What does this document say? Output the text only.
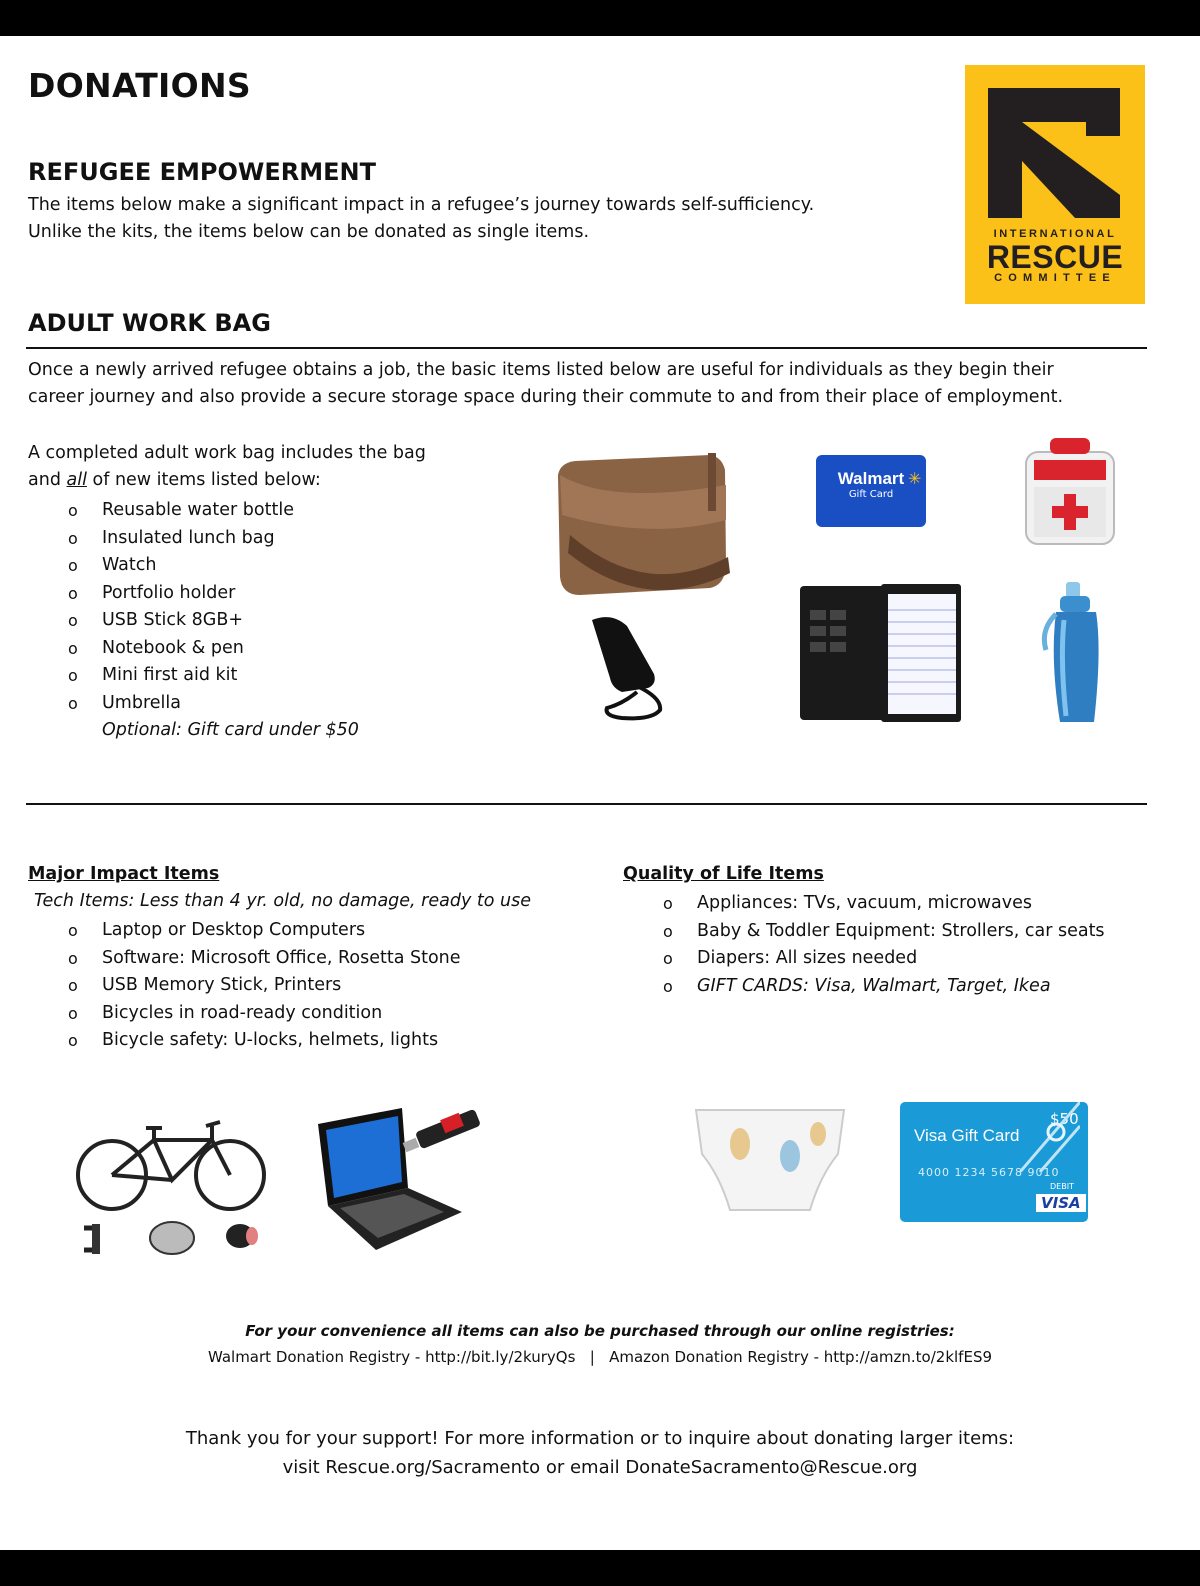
DONATIONS
INTERNATIONAL
RESCUE
COMMITTEE
REFUGEE EMPOWERMENT
The items below make a significant impact in a refugee’s journey towards self-sufficiency.
Unlike the kits, the items below can be donated as single items.
ADULT WORK BAG
Once a newly arrived refugee obtains a job, the basic items listed below are useful for individuals as they begin their
career journey and also provide a secure storage space during their commute to and from their place of employment.
A completed adult work bag includes the bag
and all of new items listed below:
o Reusable water bottle
o Insulated lunch bag
o Watch
o Portfolio holder
o USB Stick 8GB+
o Notebook & pen
o Mini first aid kit
o Umbrella
Optional: Gift card under $50
Walmart
Gift Card
✳
Major Impact Items
Tech Items: Less than 4 yr. old, no damage, ready to use
o Laptop or Desktop Computers
o Software: Microsoft Office, Rosetta Stone
o USB Memory Stick, Printers
o Bicycles in road-ready condition
o Bicycle safety: U-locks, helmets, lights
Quality of Life Items
o Appliances: TVs, vacuum, microwaves
o Baby & Toddler Equipment: Strollers, car seats
o Diapers: All sizes needed
o GIFT CARDS: Visa, Walmart, Target, Ikea
Visa Gift Card
$50
4000 1234 5678 9010
DEBIT
VISA
For your convenience all items can also be purchased through our online registries:
Walmart Donation Registry - http://bit.ly/2kuryQs   |   Amazon Donation Registry - http://amzn.to/2klfES9
Thank you for your support! For more information or to inquire about donating larger items:
visit Rescue.org/Sacramento or email DonateSacramento@Rescue.org
